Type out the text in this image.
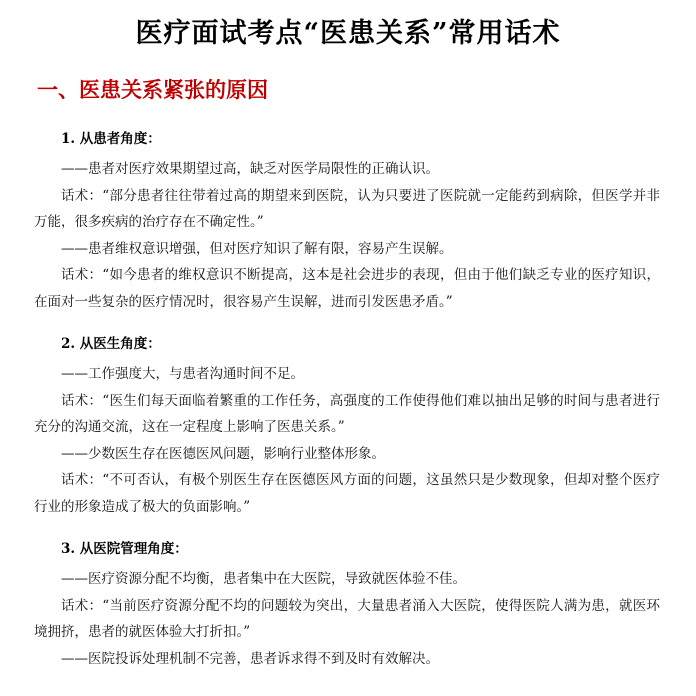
医疗面试考点“医患关系”常用话术
一、医患关系紧张的原因
1. 从患者角度：

——患者对医疗效果期望过高，缺乏对医学局限性的正确认识。

话术：“部分患者往往带着过高的期望来到医院，认为只要进了医院就一定能药到病除，但医学并非万能，很多疾病的治疗存在不确定性。”

——患者维权意识增强，但对医疗知识了解有限，容易产生误解。

话术：“如今患者的维权意识不断提高，这本是社会进步的表现，但由于他们缺乏专业的医疗知识，在面对一些复杂的医疗情况时，很容易产生误解，进而引发医患矛盾。”

2. 从医生角度：

——工作强度大，与患者沟通时间不足。

话术：“医生们每天面临着繁重的工作任务，高强度的工作使得他们难以抽出足够的时间与患者进行充分的沟通交流，这在一定程度上影响了医患关系。”

——少数医生存在医德医风问题，影响行业整体形象。

话术：“不可否认，有极个别医生存在医德医风方面的问题，这虽然只是少数现象，但却对整个医疗行业的形象造成了极大的负面影响。”

3. 从医院管理角度：

——医疗资源分配不均衡，患者集中在大医院，导致就医体验不佳。

话术：“当前医疗资源分配不均的问题较为突出，大量患者涌入大医院，使得医院人满为患，就医环境拥挤，患者的就医体验大打折扣。”

——医院投诉处理机制不完善，患者诉求得不到及时有效解决。
